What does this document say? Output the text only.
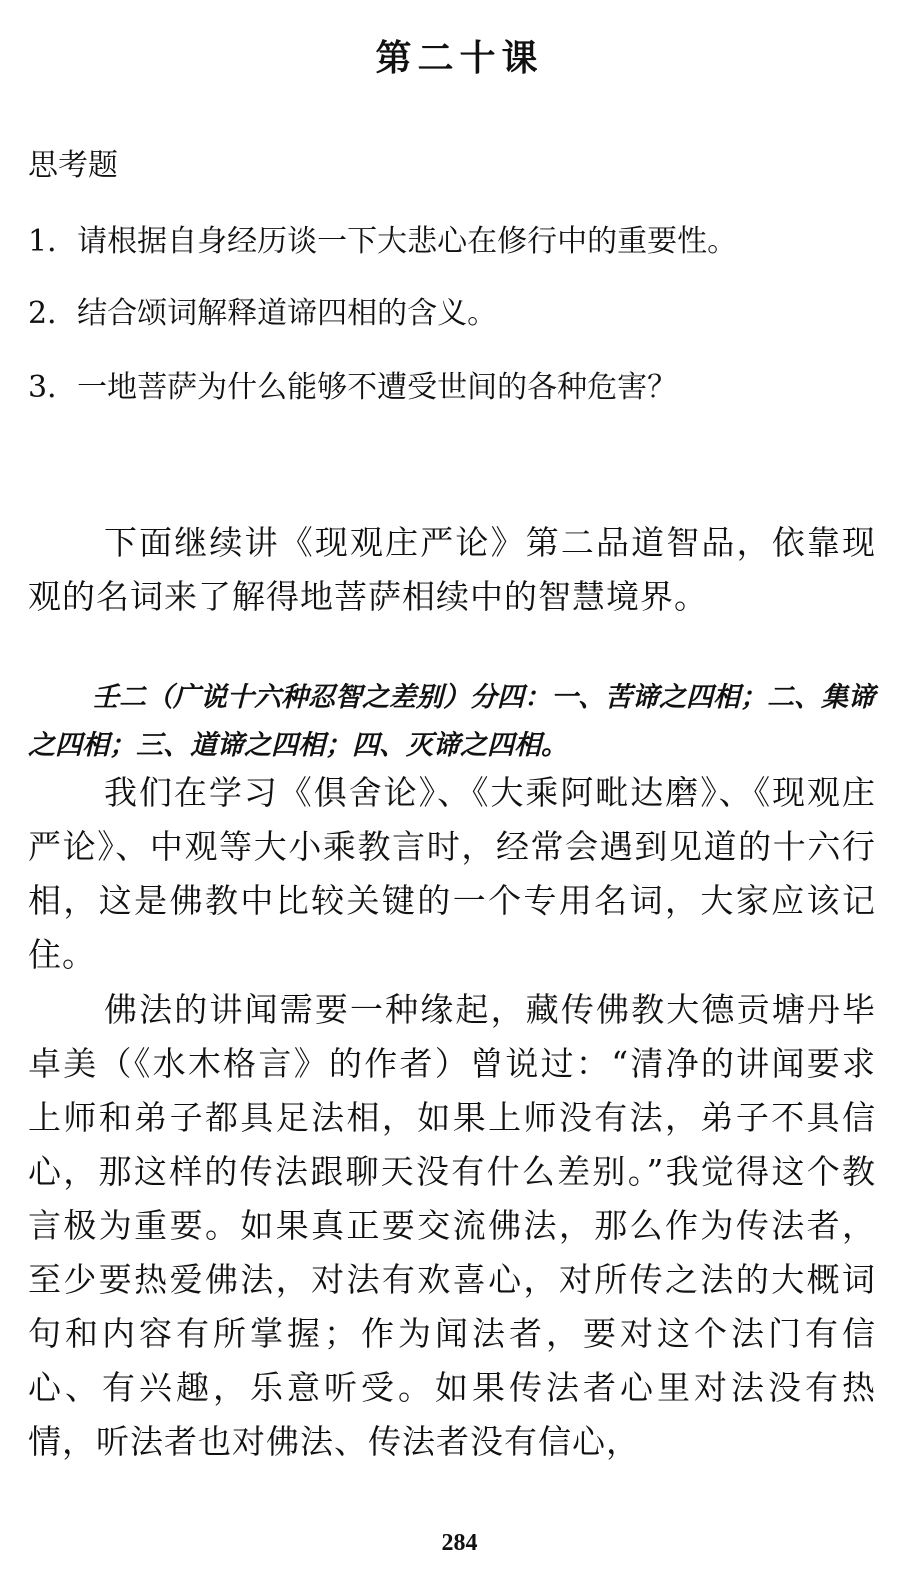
第二十课
思考题
1．请根据自身经历谈一下大悲心在修行中的重要性。
2．结合颂词解释道谛四相的含义。
3．一地菩萨为什么能够不遭受世间的各种危害？
下面继续讲《现观庄严论》第二品道智品，依靠现观的名词来了解得地菩萨相续中的智慧境界。
壬二（广说十六种忍智之差别）分四：一、苦谛之四相；二、集谛之四相；三、道谛之四相；四、灭谛之四相。
我们在学习《俱舍论》、《大乘阿毗达磨》、《现观庄严论》、中观等大小乘教言时，经常会遇到见道的十六行相，这是佛教中比较关键的一个专用名词，大家应该记住。
佛法的讲闻需要一种缘起，藏传佛教大德贡塘丹毕卓美（《水木格言》的作者）曾说过：“清净的讲闻要求上师和弟子都具足法相，如果上师没有法，弟子不具信心，那这样的传法跟聊天没有什么差别。”我觉得这个教言极为重要。如果真正要交流佛法，那么作为传法者，至少要热爱佛法，对法有欢喜心，对所传之法的大概词句和内容有所掌握；作为闻法者，要对这个法门有信心、有兴趣，乐意听受。如果传法者心里对法没有热情，听法者也对佛法、传法者没有信心，
284
